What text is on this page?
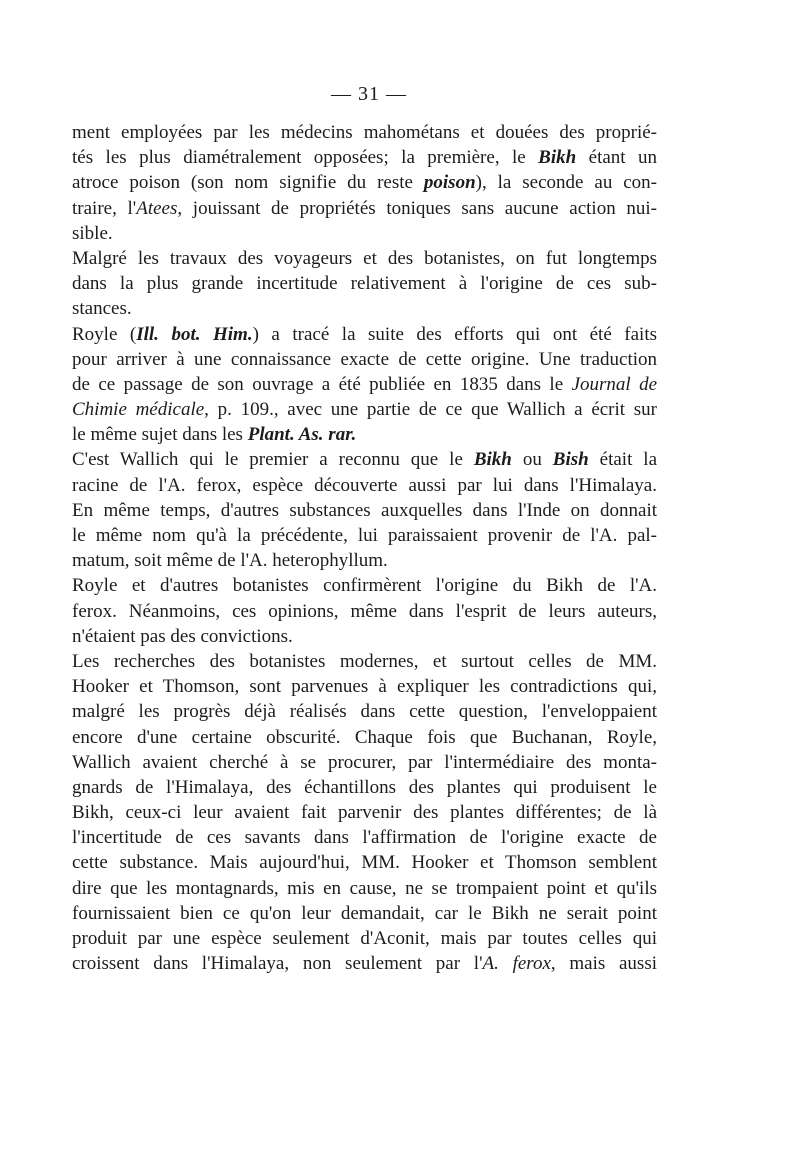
— 31 —

ment employées par les médecins mahométans et douées des proprié-
tés les plus diamétralement opposées; la première, le Bikh étant un
atroce poison (son nom signifie du reste poison), la seconde au con-
traire, l'Atees, jouissant de propriétés toniques sans aucune action nui-
sible.

Malgré les travaux des voyageurs et des botanistes, on fut longtemps
dans la plus grande incertitude relativement à l'origine de ces sub-
stances.

Royle (Ill. bot. Him.) a tracé la suite des efforts qui ont été faits
pour arriver à une connaissance exacte de cette origine. Une traduction
de ce passage de son ouvrage a été publiée en 1835 dans le Journal de
Chimie médicale, p. 109., avec une partie de ce que Wallich a écrit sur
le même sujet dans les Plant. As. rar.

C'est Wallich qui le premier a reconnu que le Bikh ou Bish était la
racine de l'A. ferox, espèce découverte aussi par lui dans l'Himalaya.
En même temps, d'autres substances auxquelles dans l'Inde on donnait
le même nom qu'à la précédente, lui paraissaient provenir de l'A. pal-
matum, soit même de l'A. heterophyllum.

Royle et d'autres botanistes confirmèrent l'origine du Bikh de l'A.
ferox. Néanmoins, ces opinions, même dans l'esprit de leurs auteurs,
n'étaient pas des convictions.

Les recherches des botanistes modernes, et surtout celles de MM.
Hooker et Thomson, sont parvenues à expliquer les contradictions qui,
malgré les progrès déjà réalisés dans cette question, l'enveloppaient
encore d'une certaine obscurité. Chaque fois que Buchanan, Royle,
Wallich avaient cherché à se procurer, par l'intermédiaire des monta-
gnards de l'Himalaya, des échantillons des plantes qui produisent le
Bikh, ceux-ci leur avaient fait parvenir des plantes différentes; de là
l'incertitude de ces savants dans l'affirmation de l'origine exacte de
cette substance. Mais aujourd'hui, MM. Hooker et Thomson semblent
dire que les montagnards, mis en cause, ne se trompaient point et qu'ils
fournissaient bien ce qu'on leur demandait, car le Bikh ne serait point
produit par une espèce seulement d'Aconit, mais par toutes celles qui
croissent dans l'Himalaya, non seulement par l'A. ferox, mais aussi
